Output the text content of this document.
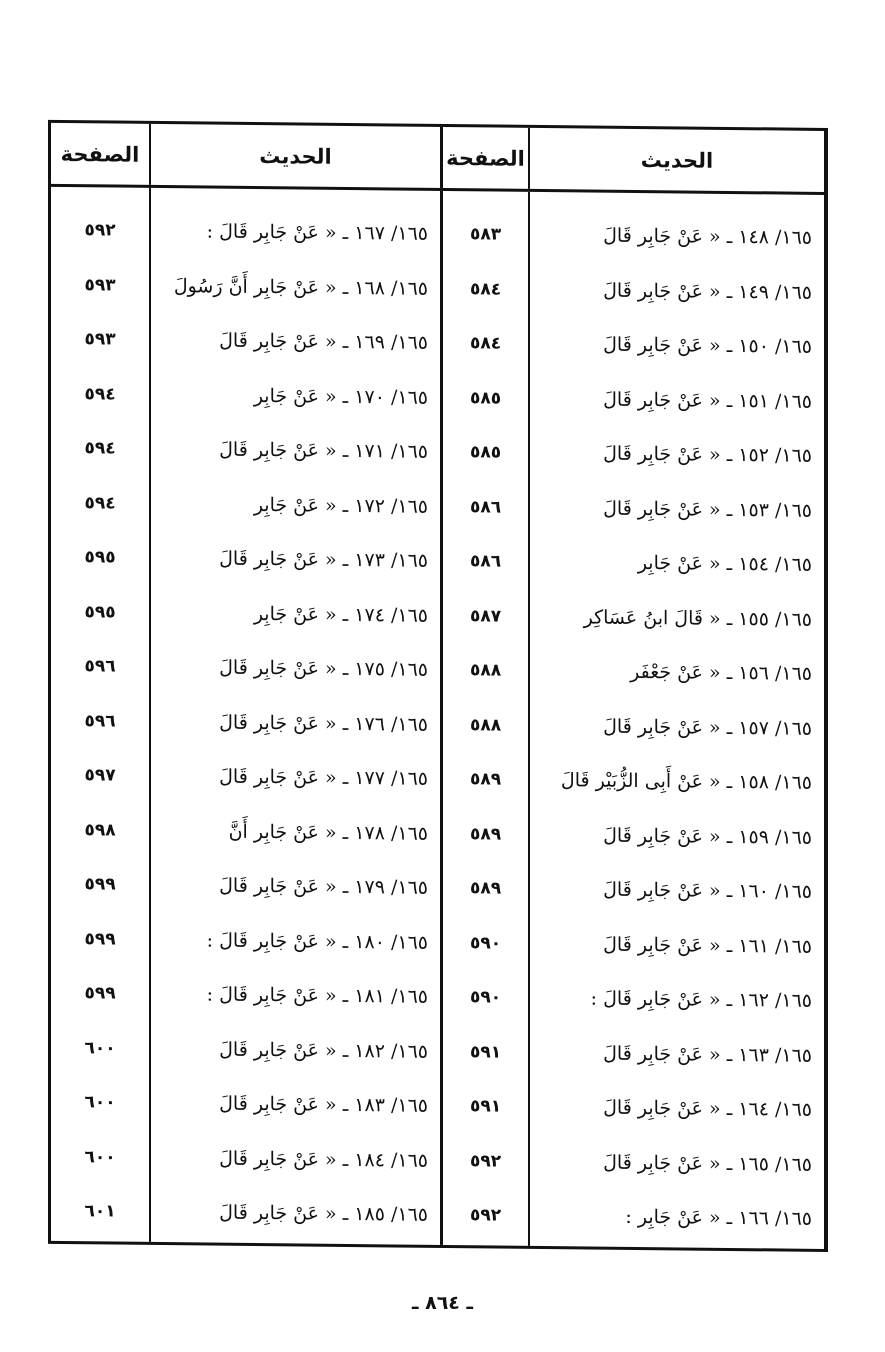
الحديث
الصفحة
الحديث
الصفحة
١٦٥/ ١٤٨ ـ « عَنْ جَابِر قَالَ
١٦٥/ ١٤٩ ـ « عَنْ جَابِر قَالَ
١٦٥/ ١٥٠ ـ « عَنْ جَابِر قَالَ
١٦٥/ ١٥١ ـ « عَنْ جَابِر قَالَ
١٦٥/ ١٥٢ ـ « عَنْ جَابِر قَالَ
١٦٥/ ١٥٣ ـ « عَنْ جَابِر قَالَ
١٦٥/ ١٥٤ ـ « عَنْ جَابِر
١٦٥/ ١٥٥ ـ « قَالَ ابنُ عَسَاكِر
١٦٥/ ١٥٦ ـ « عَنْ جَعْفَر
١٦٥/ ١٥٧ ـ « عَنْ جَابِر قَالَ
١٦٥/ ١٥٨ ـ « عَنْ أَبِى الزُّبَيْر قَالَ
١٦٥/ ١٥٩ ـ « عَنْ جَابِر قَالَ
١٦٥/ ١٦٠ ـ « عَنْ جَابِر قَالَ
١٦٥/ ١٦١ ـ « عَنْ جَابِر قَالَ
١٦٥/ ١٦٢ ـ « عَنْ جَابِر قَالَ :
١٦٥/ ١٦٣ ـ « عَنْ جَابِر قَالَ
١٦٥/ ١٦٤ ـ « عَنْ جَابِر قَالَ
١٦٥/ ١٦٥ ـ « عَنْ جَابِر قَالَ
١٦٥/ ١٦٦ ـ « عَنْ جَابِر :
٥٨٣
٥٨٤
٥٨٤
٥٨٥
٥٨٥
٥٨٦
٥٨٦
٥٨٧
٥٨٨
٥٨٨
٥٨٩
٥٨٩
٥٨٩
٥٩٠
٥٩٠
٥٩١
٥٩١
٥٩٢
٥٩٢
١٦٥/ ١٦٧ ـ « عَنْ جَابِر قَالَ :
١٦٥/ ١٦٨ ـ « عَنْ جَابِر أَنَّ رَسُولَ
١٦٥/ ١٦٩ ـ « عَنْ جَابِر قَالَ
١٦٥/ ١٧٠ ـ « عَنْ جَابِر
١٦٥/ ١٧١ ـ « عَنْ جَابِر قَالَ
١٦٥/ ١٧٢ ـ « عَنْ جَابِر
١٦٥/ ١٧٣ ـ « عَنْ جَابِر قَالَ
١٦٥/ ١٧٤ ـ « عَنْ جَابِر
١٦٥/ ١٧٥ ـ « عَنْ جَابِر قَالَ
١٦٥/ ١٧٦ ـ « عَنْ جَابِر قَالَ
١٦٥/ ١٧٧ ـ « عَنْ جَابِر قَالَ
١٦٥/ ١٧٨ ـ « عَنْ جَابِر أَنَّ
١٦٥/ ١٧٩ ـ « عَنْ جَابِر قَالَ
١٦٥/ ١٨٠ ـ « عَنْ جَابِر قَالَ :
١٦٥/ ١٨١ ـ « عَنْ جَابِر قَالَ :
١٦٥/ ١٨٢ ـ « عَنْ جَابِر قَالَ
١٦٥/ ١٨٣ ـ « عَنْ جَابِر قَالَ
١٦٥/ ١٨٤ ـ « عَنْ جَابِر قَالَ
١٦٥/ ١٨٥ ـ « عَنْ جَابِر قَالَ
٥٩٢
٥٩٣
٥٩٣
٥٩٤
٥٩٤
٥٩٤
٥٩٥
٥٩٥
٥٩٦
٥٩٦
٥٩٧
٥٩٨
٥٩٩
٥٩٩
٥٩٩
٦٠٠
٦٠٠
٦٠٠
٦٠١
ـ ٨٦٤ ـ
